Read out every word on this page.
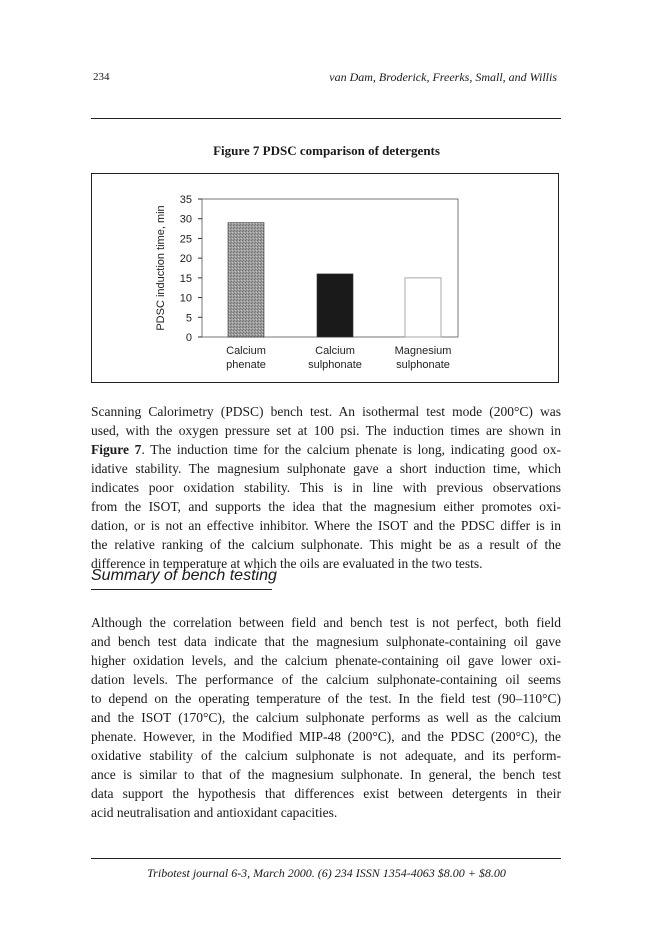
234	van Dam, Broderick, Freerks, Small, and Willis
Figure 7 PDSC comparison of detergents
0
5
10
15
20
25
30
35
PDSC induction time, min
Calcium
phenate
Calcium
sulphonate
Magnesium
sulphonate
Scanning Calorimetry (PDSC) bench test. An isothermal test mode (200°C) was
used, with the oxygen pressure set at 100 psi. The induction times are shown in
Figure 7. The induction time for the calcium phenate is long, indicating good ox-
idative stability. The magnesium sulphonate gave a short induction time, which
indicates poor oxidation stability. This is in line with previous observations
from the ISOT, and supports the idea that the magnesium either promotes oxi-
dation, or is not an effective inhibitor. Where the ISOT and the PDSC differ is in
the relative ranking of the calcium sulphonate. This might be as a result of the
difference in temperature at which the oils are evaluated in the two tests.
Summary of bench testing
Although the correlation between field and bench test is not perfect, both field
and bench test data indicate that the magnesium sulphonate-containing oil gave
higher oxidation levels, and the calcium phenate-containing oil gave lower oxi-
dation levels. The performance of the calcium sulphonate-containing oil seems
to depend on the operating temperature of the test. In the field test (90–110°C)
and the ISOT (170°C), the calcium sulphonate performs as well as the calcium
phenate. However, in the Modified MIP-48 (200°C), and the PDSC (200°C), the
oxidative stability of the calcium sulphonate is not adequate, and its perform-
ance is similar to that of the magnesium sulphonate. In general, the bench test
data support the hypothesis that differences exist between detergents in their
acid neutralisation and antioxidant capacities.
Tribotest journal 6-3, March 2000. (6) 234 ISSN 1354-4063 $8.00 + $8.00
